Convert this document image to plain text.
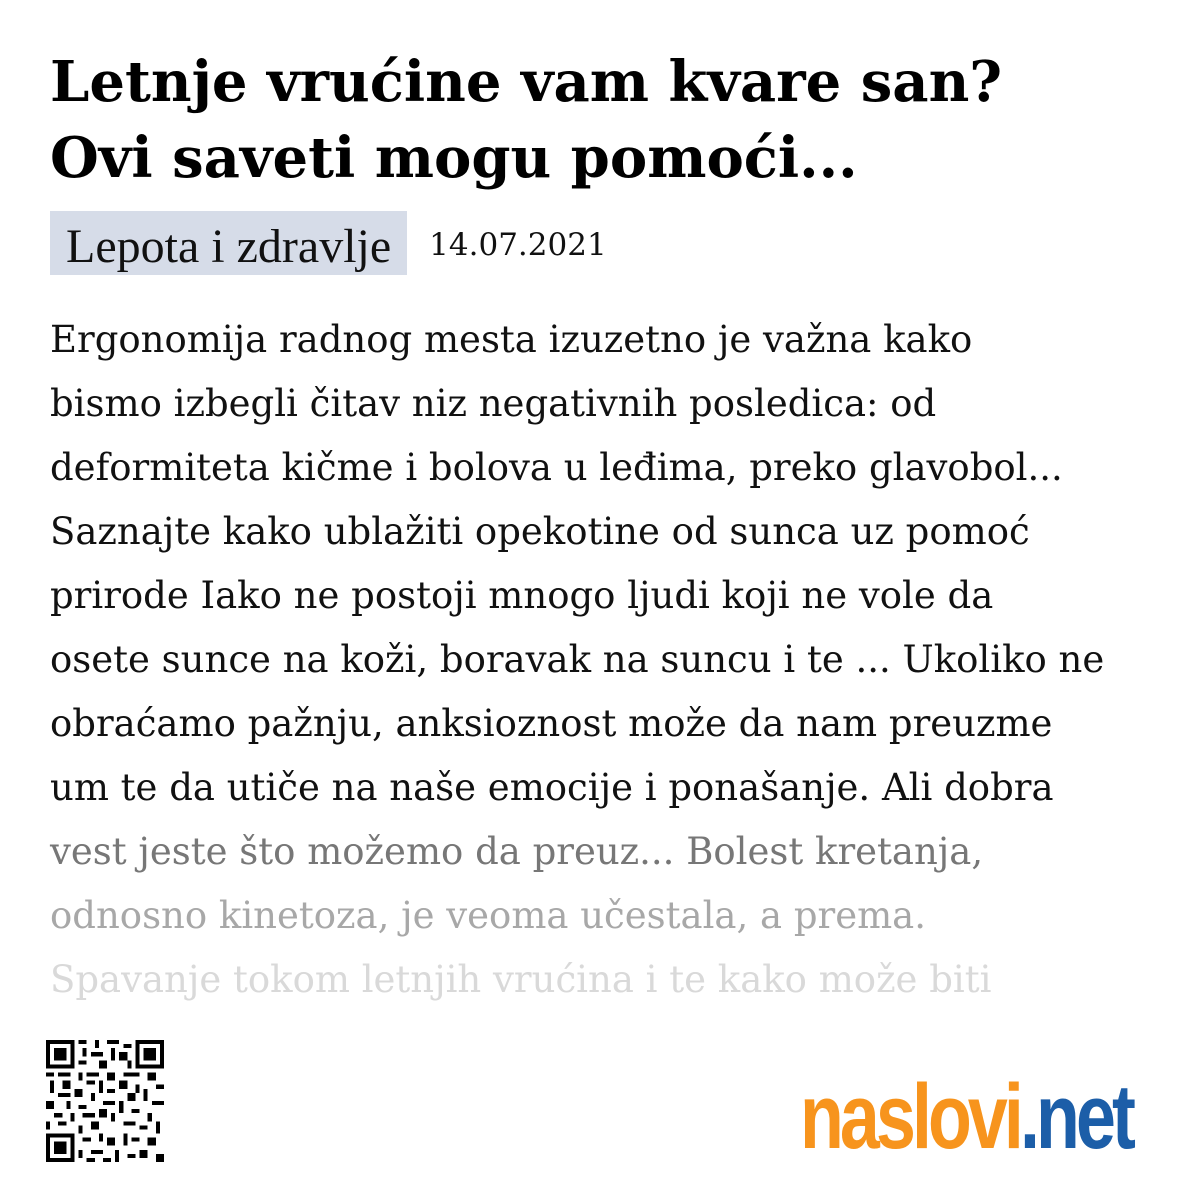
Letnje vrućine vam kvare san?
Ovi saveti mogu pomoći...
Lepota i zdravlje	14.07.2021
Ergonomija radnog mesta izuzetno je važna kako
bismo izbegli čitav niz negativnih posledica: od
deformiteta kičme i bolova u leđima, preko glavobol...
Saznajte kako ublažiti opekotine od sunca uz pomoć
prirode Iako ne postoji mnogo ljudi koji ne vole da
osete sunce na koži, boravak na suncu i te ... Ukoliko ne
obraćamo pažnju, anksioznost može da nam preuzme
um te da utiče na naše emocije i ponašanje. Ali dobra
vest jeste što možemo da preuz... Bolest kretanja,
odnosno kinetoza, je veoma učestala, a prema.
Spavanje tokom letnjih vrućina i te kako može biti
naslovi.net
